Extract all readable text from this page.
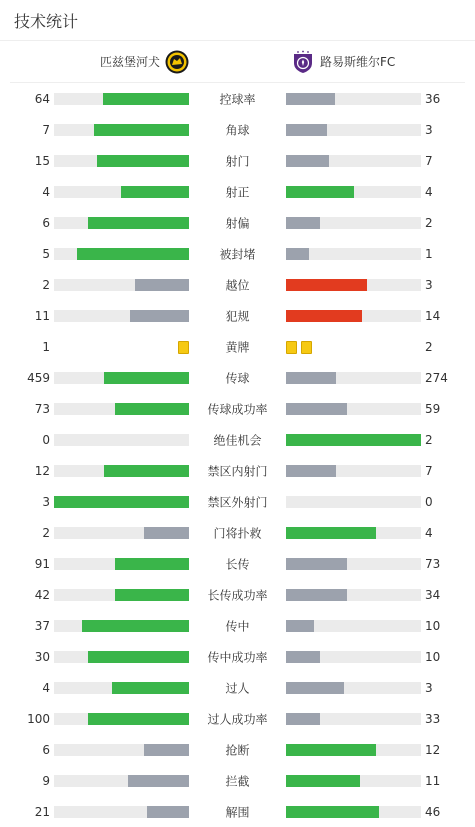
技术统计
匹兹堡河犬	路易斯维尔FC
64	控球率	36
7	角球	3
15	射门	7
4	射正	4
6	射偏	2
5	被封堵	1
2	越位	3
11	犯规	14
1	黄牌	2
459	传球	274
73	传球成功率	59
0	绝佳机会	2
12	禁区内射门	7
3	禁区外射门	0
2	门将扑救	4
91	长传	73
42	长传成功率	34
37	传中	10
30	传中成功率	10
4	过人	3
100	过人成功率	33
6	抢断	12
9	拦截	11
21	解围	46
